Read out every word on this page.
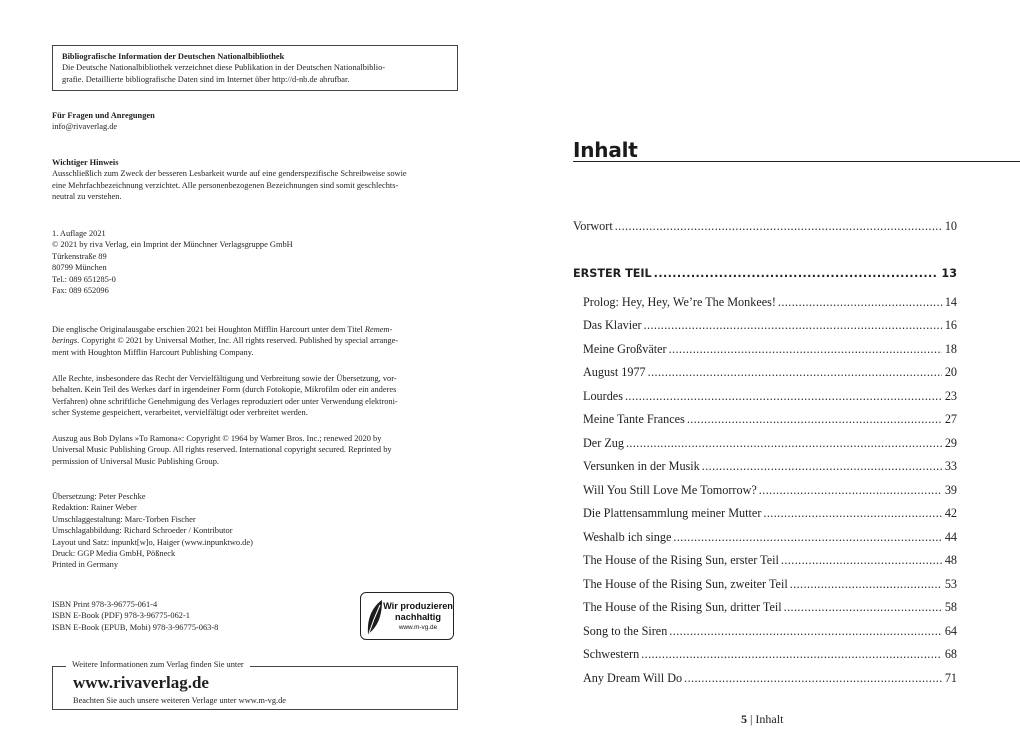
Bibliografische Information der Deutschen Nationalbibliothek
Die Deutsche Nationalbibliothek verzeichnet diese Publikation in der Deutschen Nationalbiblio-
grafie. Detaillierte bibliografische Daten sind im Internet über http://d-nb.de abrufbar.
Für Fragen und Anregungen
info@rivaverlag.de
Wichtiger Hinweis
Ausschließlich zum Zweck der besseren Lesbarkeit wurde auf eine genderspezifische Schreibweise sowie
eine Mehrfachbezeichnung verzichtet. Alle personenbezogenen Bezeichnungen sind somit geschlechts-
neutral zu verstehen.
1. Auflage 2021
© 2021 by riva Verlag, ein Imprint der Münchner Verlagsgruppe GmbH
Türkenstraße 89
80799 München
Tel.: 089 651285-0
Fax: 089 652096
Die englische Originalausgabe erschien 2021 bei Houghton Mifflin Harcourt unter dem Titel Remem-
berings. Copyright © 2021 by Universal Mother, Inc. All rights reserved. Published by special arrange-
ment with Houghton Mifflin Harcourt Publishing Company.
Alle Rechte, insbesondere das Recht der Vervielfältigung und Verbreitung sowie der Übersetzung, vor-
behalten. Kein Teil des Werkes darf in irgendeiner Form (durch Fotokopie, Mikrofilm oder ein anderes
Verfahren) ohne schriftliche Genehmigung des Verlages reproduziert oder unter Verwendung elektroni-
scher Systeme gespeichert, verarbeitet, vervielfältigt oder verbreitet werden.
Auszug aus Bob Dylans »To Ramona«: Copyright © 1964 by Warner Bros. Inc.; renewed 2020 by
Universal Music Publishing Group. All rights reserved. International copyright secured. Reprinted by
permission of Universal Music Publishing Group.
Übersetzung: Peter Peschke
Redaktion: Rainer Weber
Umschlaggestaltung: Marc-Torben Fischer
Umschlagabbildung: Richard Schroeder / Kontributor
Layout und Satz: inpunkt[w]o, Haiger (www.inpunktwo.de)
Druck: GGP Media GmbH, Pößneck
Printed in Germany
ISBN Print 978-3-96775-061-4
ISBN E-Book (PDF) 978-3-96775-062-1
ISBN E-Book (EPUB, Mobi) 978-3-96775-063-8
Wir produzieren
nachhaltig
www.m-vg.de
Weitere Informationen zum Verlag finden Sie unter
www.rivaverlag.de
Beachten Sie auch unsere weiteren Verlage unter www.m-vg.de
Inhalt
Vorwort .....	10
ERSTER TEIL .....	13
Prolog: Hey, Hey, We’re The Monkees! .....	14
Das Klavier .....	16
Meine Großväter .....	18
August 1977 .....	20
Lourdes .....	23
Meine Tante Frances .....	27
Der Zug .....	29
Versunken in der Musik .....	33
Will You Still Love Me Tomorrow? .....	39
Die Plattensammlung meiner Mutter .....	42
Weshalb ich singe .....	44
The House of the Rising Sun, erster Teil .....	48
The House of the Rising Sun, zweiter Teil .....	53
The House of the Rising Sun, dritter Teil .....	58
Song to the Siren .....	64
Schwestern .....	68
Any Dream Will Do .....	71
5 | Inhalt
